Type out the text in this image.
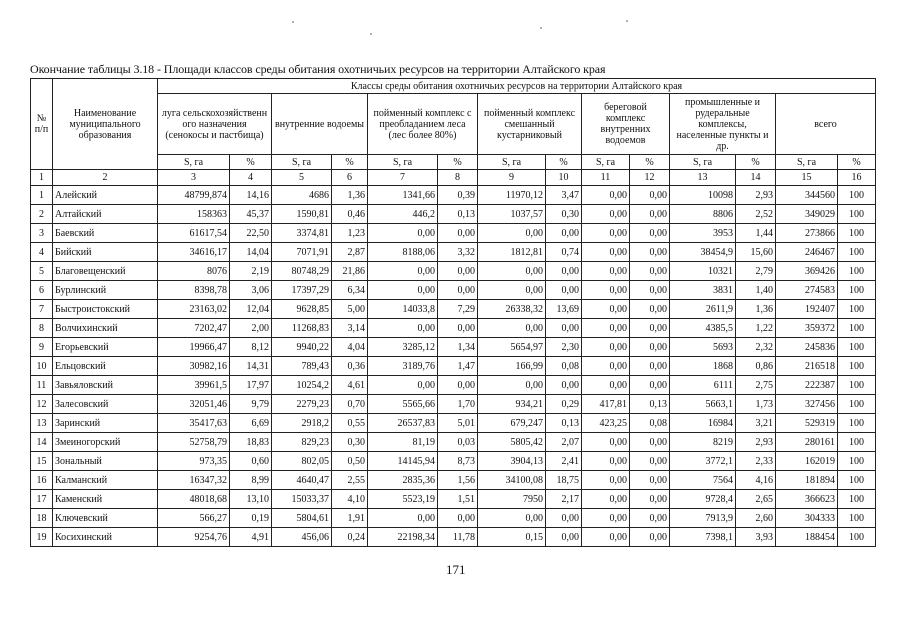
Окончание таблицы 3.18 - Площади классов среды обитания охотничьих ресурсов на территории Алтайского края
№ п/п	Наименование муниципального образования	Классы среды обитания охотничьих ресурсов на территории Алтайского края													
		луга сельскохозяйственн ого назначения (сенокосы и пастбища)		внутренние водоемы		пойменный комплекс с преобладанием леса (лес более 80%)		пойменный комплекс смешанный кустарниковый		береговой комплекс внутренних водоемов		промышленные и рудеральные комплексы, населенные пункты и др.		всего	
		S, га	%	S, га	%	S, га	%	S, га	%	S, га	%	S, га	%	S, га	%
1	2	3	4	5	6	7	8	9	10	11	12	13	14	15	16
1	Алейский	48799,874	14,16	4686	1,36	1341,66	0,39	11970,12	3,47	0,00	0,00	10098	2,93	344560	100
2	Алтайский	158363	45,37	1590,81	0,46	446,2	0,13	1037,57	0,30	0,00	0,00	8806	2,52	349029	100
3	Баевский	61617,54	22,50	3374,81	1,23	0,00	0,00	0,00	0,00	0,00	0,00	3953	1,44	273866	100
4	Бийский	34616,17	14,04	7071,91	2,87	8188,06	3,32	1812,81	0,74	0,00	0,00	38454,9	15,60	246467	100
5	Благовещенский	8076	2,19	80748,29	21,86	0,00	0,00	0,00	0,00	0,00	0,00	10321	2,79	369426	100
6	Бурлинский	8398,78	3,06	17397,29	6,34	0,00	0,00	0,00	0,00	0,00	0,00	3831	1,40	274583	100
7	Быстроистокский	23163,02	12,04	9628,85	5,00	14033,8	7,29	26338,32	13,69	0,00	0,00	2611,9	1,36	192407	100
8	Волчихинский	7202,47	2,00	11268,83	3,14	0,00	0,00	0,00	0,00	0,00	0,00	4385,5	1,22	359372	100
9	Егорьевский	19966,47	8,12	9940,22	4,04	3285,12	1,34	5654,97	2,30	0,00	0,00	5693	2,32	245836	100
10	Ельцовский	30982,16	14,31	789,43	0,36	3189,76	1,47	166,99	0,08	0,00	0,00	1868	0,86	216518	100
11	Завьяловский	39961,5	17,97	10254,2	4,61	0,00	0,00	0,00	0,00	0,00	0,00	6111	2,75	222387	100
12	Залесовский	32051,46	9,79	2279,23	0,70	5565,66	1,70	934,21	0,29	417,81	0,13	5663,1	1,73	327456	100
13	Заринский	35417,63	6,69	2918,2	0,55	26537,83	5,01	679,247	0,13	423,25	0,08	16984	3,21	529319	100
14	Змеиногорский	52758,79	18,83	829,23	0,30	81,19	0,03	5805,42	2,07	0,00	0,00	8219	2,93	280161	100
15	Зональный	973,35	0,60	802,05	0,50	14145,94	8,73	3904,13	2,41	0,00	0,00	3772,1	2,33	162019	100
16	Калманский	16347,32	8,99	4640,47	2,55	2835,36	1,56	34100,08	18,75	0,00	0,00	7564	4,16	181894	100
17	Каменский	48018,68	13,10	15033,37	4,10	5523,19	1,51	7950	2,17	0,00	0,00	9728,4	2,65	366623	100
18	Ключевский	566,27	0,19	5804,61	1,91	0,00	0,00	0,00	0,00	0,00	0,00	7913,9	2,60	304333	100
19	Косихинский	9254,76	4,91	456,06	0,24	22198,34	11,78	0,15	0,00	0,00	0,00	7398,1	3,93	188454	100
171
